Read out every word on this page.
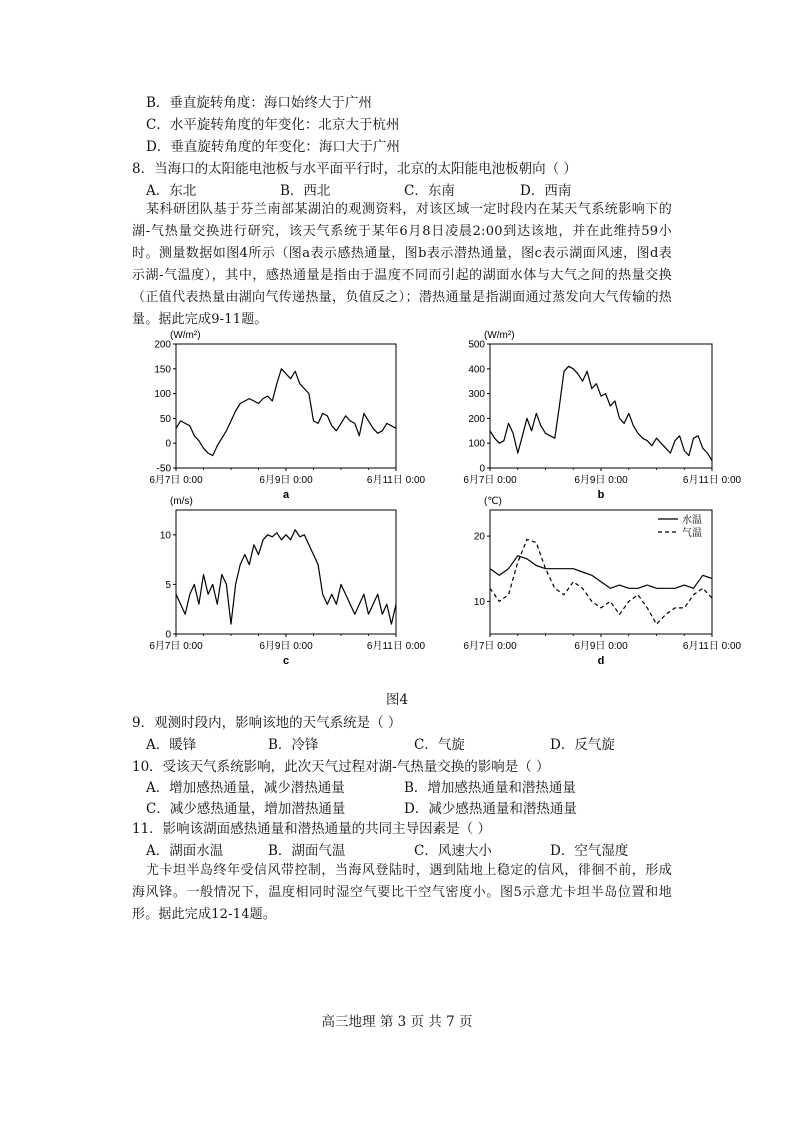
B．垂直旋转角度：海口始终大于广州
C．水平旋转角度的年变化：北京大于杭州
D．垂直旋转角度的年变化：海口大于广州
8．当海口的太阳能电池板与水平面平行时，北京的太阳能电池板朝向（ ）
A．东北	B．西北	C．东南	D．西南
某科研团队基于芬兰南部某湖泊的观测资料，对该区域一定时段内在某天气系统影响下的湖-气热量交换进行研究，该天气系统于某年6月8日凌晨2:00到达该地，并在此维持59小时。测量数据如图4所示（图a表示感热通量，图b表示潜热通量，图c表示湖面风速，图d表示湖-气温度），其中，感热通量是指由于温度不同而引起的湖面水体与大气之间的热量交换（正值代表热量由湖向气传递热量，负值反之）；潜热通量是指湖面通过蒸发向大气传输的热量。据此完成9-11题。
(W/m²)
200
150
100
50
0
-50
6月7日 0:00	6月9日 0:00	6月11日 0:00
a
(W/m²)
500
400
300
200
100
0
6月7日 0:00	6月9日 0:00	6月11日 0:00
b
(m/s)
10
5
0
6月7日 0:00	6月9日 0:00	6月11日 0:00
c
(℃)
20
10
6月7日 0:00	6月9日 0:00	6月11日 0:00
d
水温
气温
图4
9．观测时段内，影响该地的天气系统是（ ）
A．暖锋	B．冷锋	C．气旋	D．反气旋
10．受该天气系统影响，此次天气过程对湖-气热量交换的影响是（ ）
A．增加感热通量，减少潜热通量	B．增加感热通量和潜热通量
C．减少感热通量，增加潜热通量	D．减少感热通量和潜热通量
11．影响该湖面感热通量和潜热通量的共同主导因素是（ ）
A．湖面水温	B．湖面气温	C．风速大小	D．空气湿度
尤卡坦半岛终年受信风带控制，当海风登陆时，遇到陆地上稳定的信风，徘徊不前，形成海风锋。一般情况下，温度相同时湿空气要比干空气密度小。图5示意尤卡坦半岛位置和地形。据此完成12-14题。
高三地理 第 3 页 共 7 页
